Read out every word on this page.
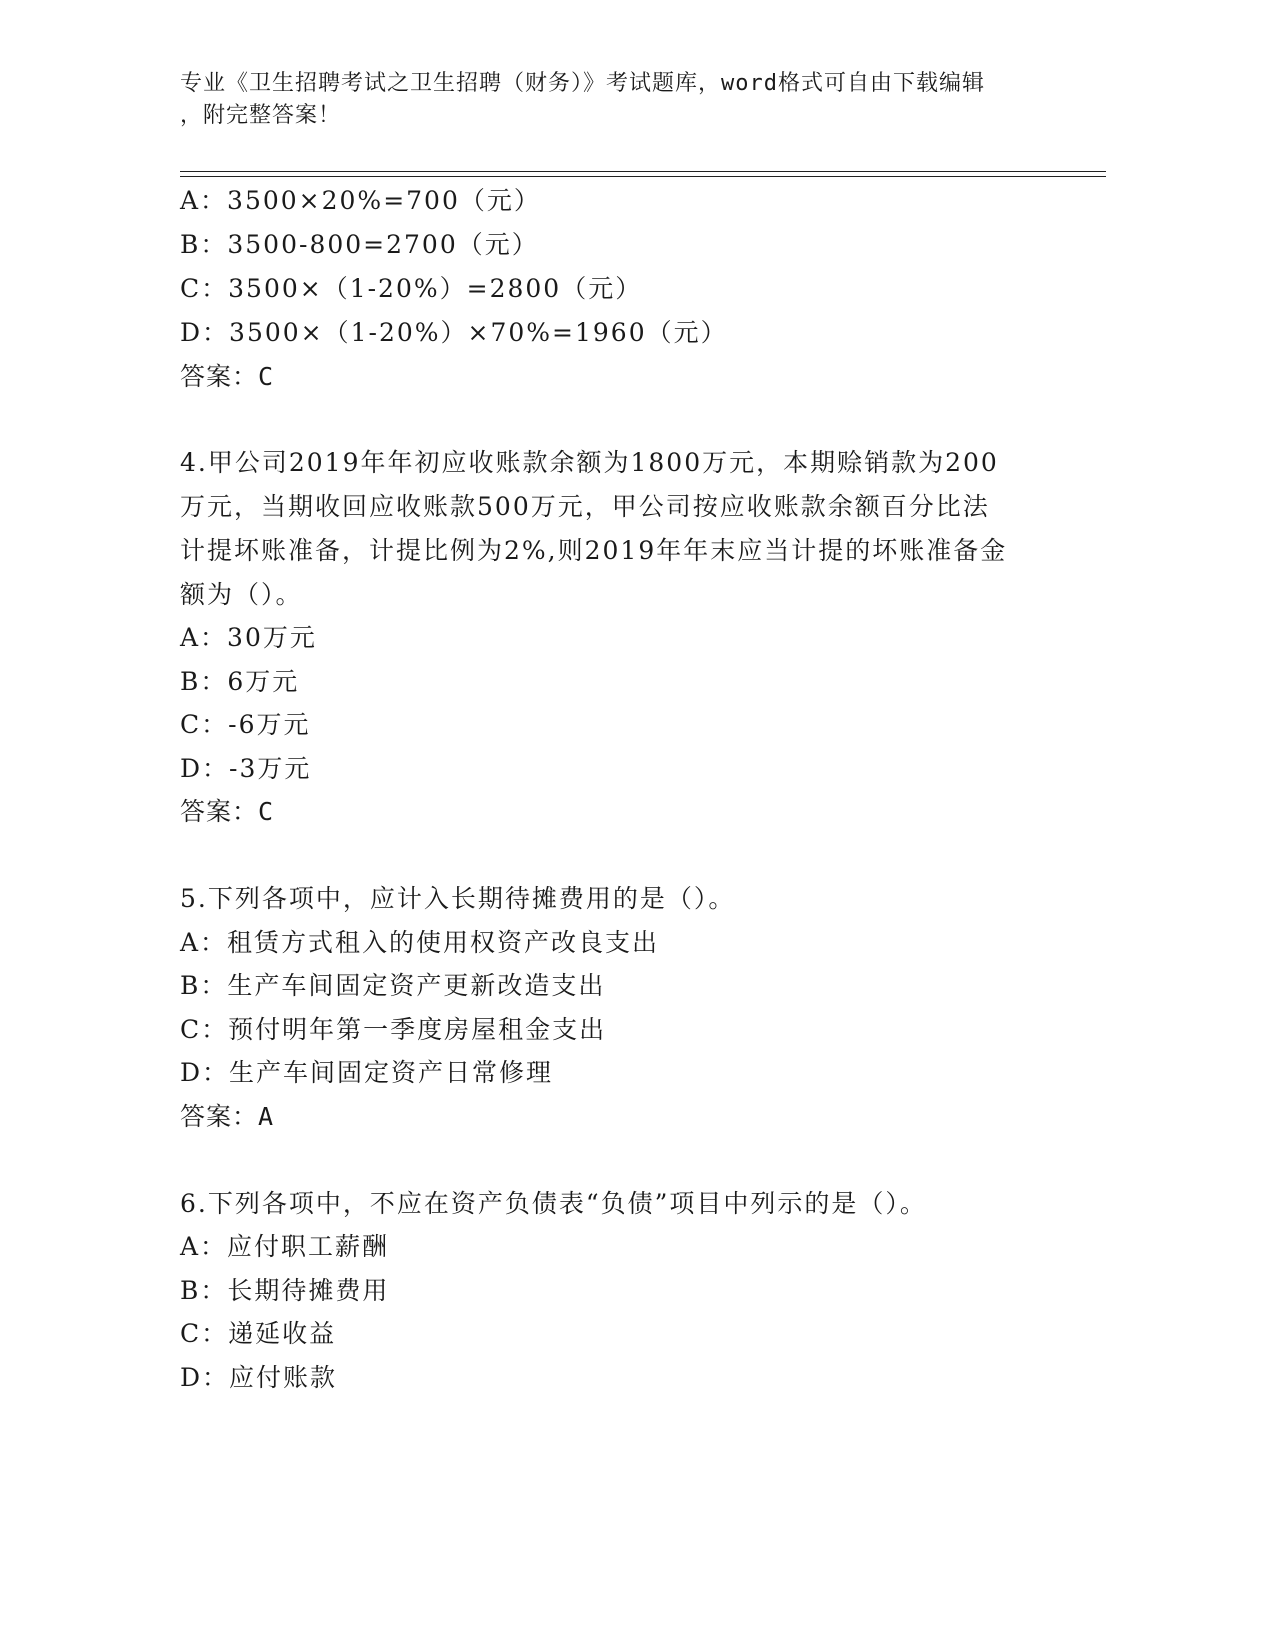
专业《卫生招聘考试之卫生招聘（财务）》考试题库，word格式可自由下载编辑

，附完整答案！

A：3500×20%=700（元）

B：3500-800=2700（元）

C：3500×（1-20%）=2800（元）

D：3500×（1-20%）×70%=1960（元）

答案：C

4.甲公司2019年年初应收账款余额为1800万元，本期赊销款为200

万元，当期收回应收账款500万元，甲公司按应收账款余额百分比法

计提坏账准备，计提比例为2%,则2019年年末应当计提的坏账准备金

额为（）。

A：30万元

B：6万元

C：-6万元

D：-3万元

答案：C

5.下列各项中，应计入长期待摊费用的是（）。

A：租赁方式租入的使用权资产改良支出

B：生产车间固定资产更新改造支出

C：预付明年第一季度房屋租金支出

D：生产车间固定资产日常修理

答案：A

6.下列各项中，不应在资产负债表“负债”项目中列示的是（）。

A：应付职工薪酬

B：长期待摊费用

C：递延收益

D：应付账款
